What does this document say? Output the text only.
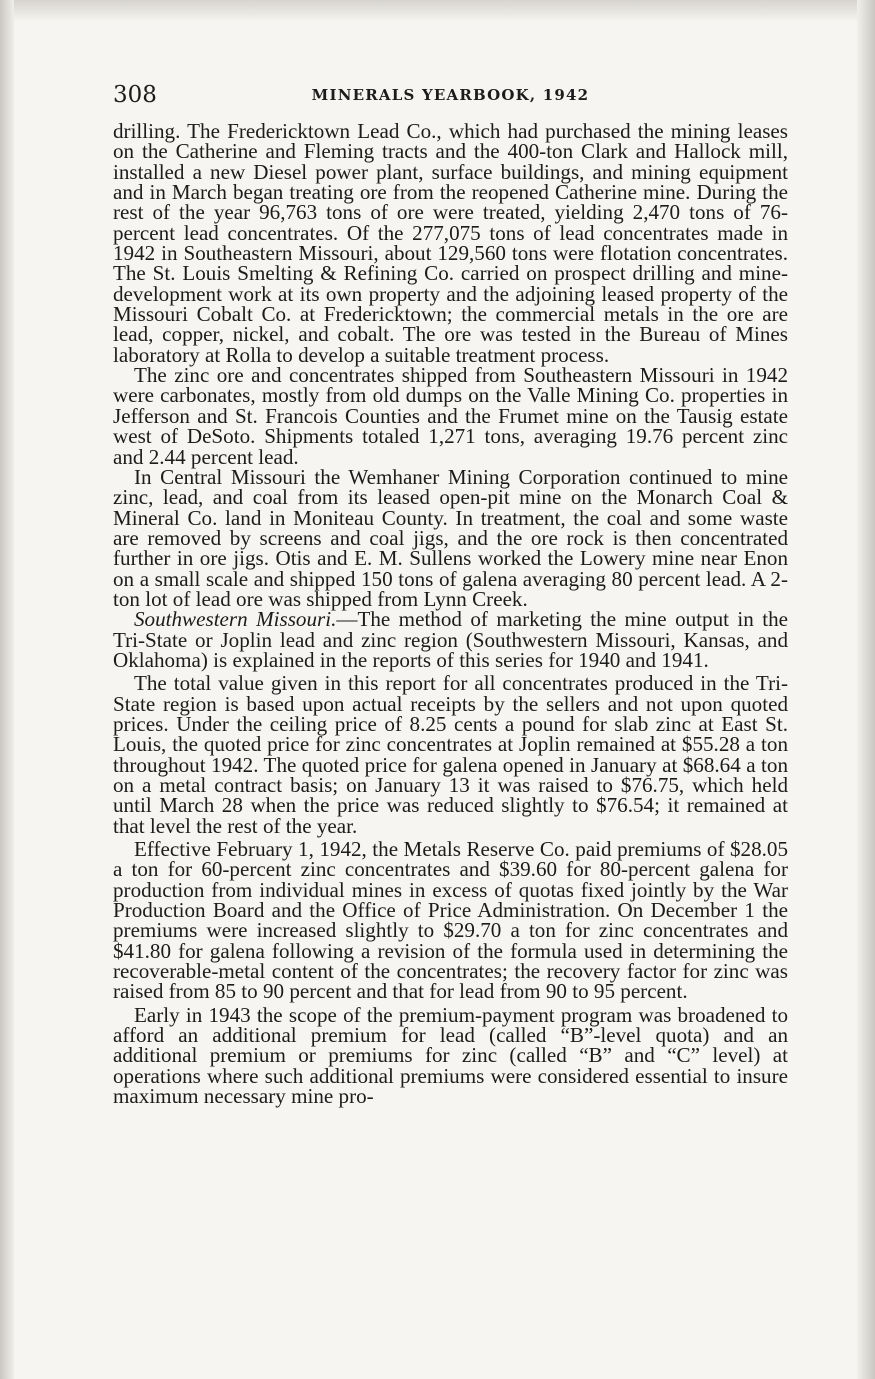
308	MINERALS YEARBOOK, 1942

drilling. The Fredericktown Lead Co., which had purchased the mining leases on the Catherine and Fleming tracts and the 400-ton Clark and Hallock mill, installed a new Diesel power plant, surface buildings, and mining equipment and in March began treating ore from the reopened Catherine mine. During the rest of the year 96,763 tons of ore were treated, yielding 2,470 tons of 76-percent lead concentrates. Of the 277,075 tons of lead concentrates made in 1942 in Southeastern Missouri, about 129,560 tons were flotation concentrates. The St. Louis Smelting & Refining Co. carried on prospect drilling and mine-development work at its own property and the adjoining leased property of the Missouri Cobalt Co. at Fredericktown; the commercial metals in the ore are lead, copper, nickel, and cobalt. The ore was tested in the Bureau of Mines laboratory at Rolla to develop a suitable treatment process.

The zinc ore and concentrates shipped from Southeastern Missouri in 1942 were carbonates, mostly from old dumps on the Valle Mining Co. properties in Jefferson and St. Francois Counties and the Frumet mine on the Tausig estate west of DeSoto. Shipments totaled 1,271 tons, averaging 19.76 percent zinc and 2.44 percent lead.

In Central Missouri the Wemhaner Mining Corporation continued to mine zinc, lead, and coal from its leased open-pit mine on the Monarch Coal & Mineral Co. land in Moniteau County. In treatment, the coal and some waste are removed by screens and coal jigs, and the ore rock is then concentrated further in ore jigs. Otis and E. M. Sullens worked the Lowery mine near Enon on a small scale and shipped 150 tons of galena averaging 80 percent lead. A 2-ton lot of lead ore was shipped from Lynn Creek.

Southwestern Missouri.—The method of marketing the mine output in the Tri-State or Joplin lead and zinc region (Southwestern Missouri, Kansas, and Oklahoma) is explained in the reports of this series for 1940 and 1941.

The total value given in this report for all concentrates produced in the Tri-State region is based upon actual receipts by the sellers and not upon quoted prices. Under the ceiling price of 8.25 cents a pound for slab zinc at East St. Louis, the quoted price for zinc concentrates at Joplin remained at $55.28 a ton throughout 1942. The quoted price for galena opened in January at $68.64 a ton on a metal contract basis; on January 13 it was raised to $76.75, which held until March 28 when the price was reduced slightly to $76.54; it remained at that level the rest of the year.

Effective February 1, 1942, the Metals Reserve Co. paid premiums of $28.05 a ton for 60-percent zinc concentrates and $39.60 for 80-percent galena for production from individual mines in excess of quotas fixed jointly by the War Production Board and the Office of Price Administration. On December 1 the premiums were increased slightly to $29.70 a ton for zinc concentrates and $41.80 for galena following a revision of the formula used in determining the recoverable-metal content of the concentrates; the recovery factor for zinc was raised from 85 to 90 percent and that for lead from 90 to 95 percent.

Early in 1943 the scope of the premium-payment program was broadened to afford an additional premium for lead (called “B”-level quota) and an additional premium or premiums for zinc (called “B” and “C” level) at operations where such additional premiums were considered essential to insure maximum necessary mine pro-
